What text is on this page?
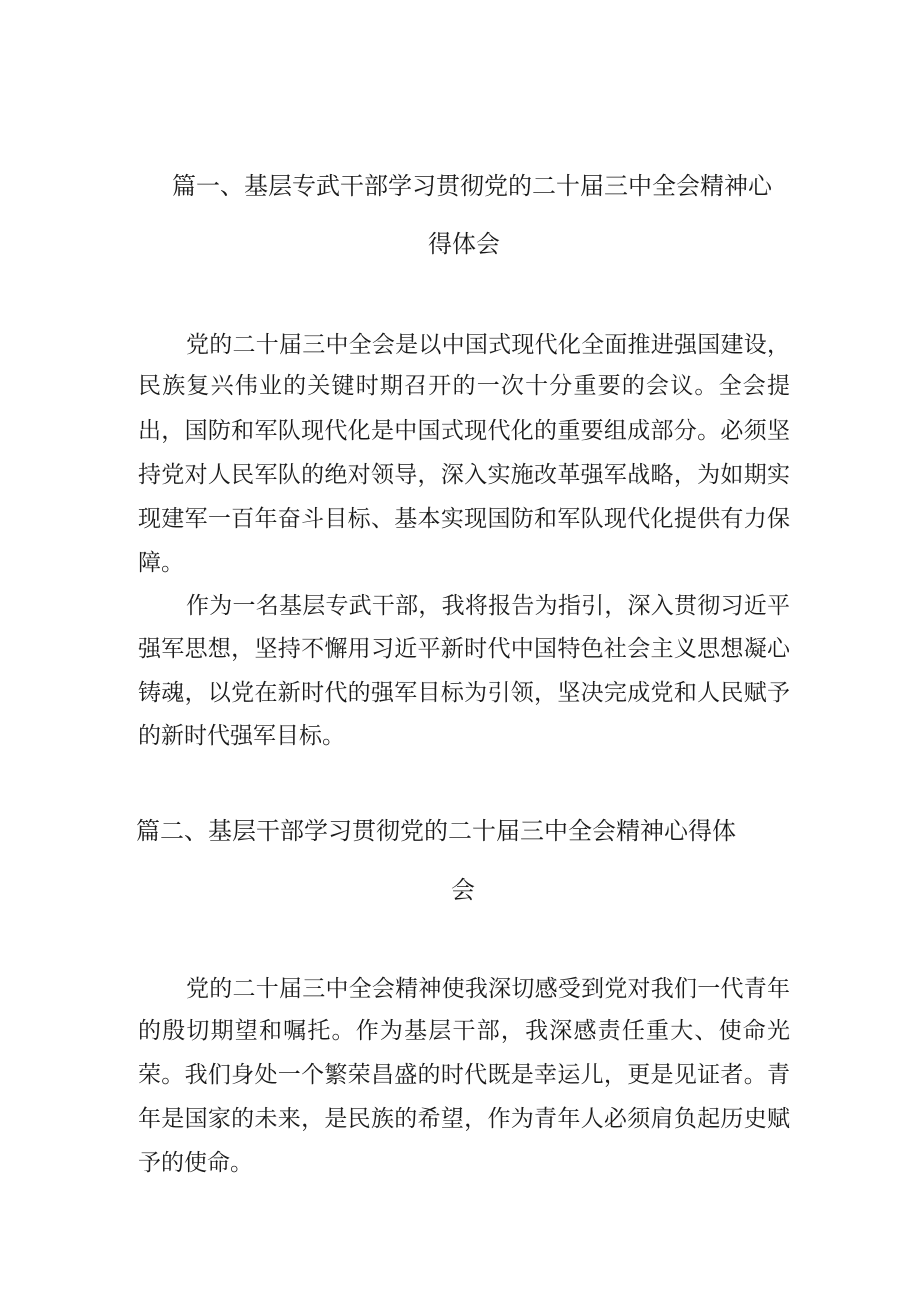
篇一、基层专武干部学习贯彻党的二十届三中全会精神心
得体会
党的二十届三中全会是以中国式现代化全面推进强国建设，
民族复兴伟业的关键时期召开的一次十分重要的会议。全会提
出，国防和军队现代化是中国式现代化的重要组成部分。必须坚
持党对人民军队的绝对领导，深入实施改革强军战略，为如期实
现建军一百年奋斗目标、基本实现国防和军队现代化提供有力保
障。
作为一名基层专武干部，我将报告为指引，深入贯彻习近平
强军思想，坚持不懈用习近平新时代中国特色社会主义思想凝心
铸魂，以党在新时代的强军目标为引领，坚决完成党和人民赋予
的新时代强军目标。
篇二、基层干部学习贯彻党的二十届三中全会精神心得体
会
党的二十届三中全会精神使我深切感受到党对我们一代青年
的殷切期望和嘱托。作为基层干部，我深感责任重大、使命光
荣。我们身处一个繁荣昌盛的时代既是幸运儿，更是见证者。青
年是国家的未来，是民族的希望，作为青年人必须肩负起历史赋
予的使命。
